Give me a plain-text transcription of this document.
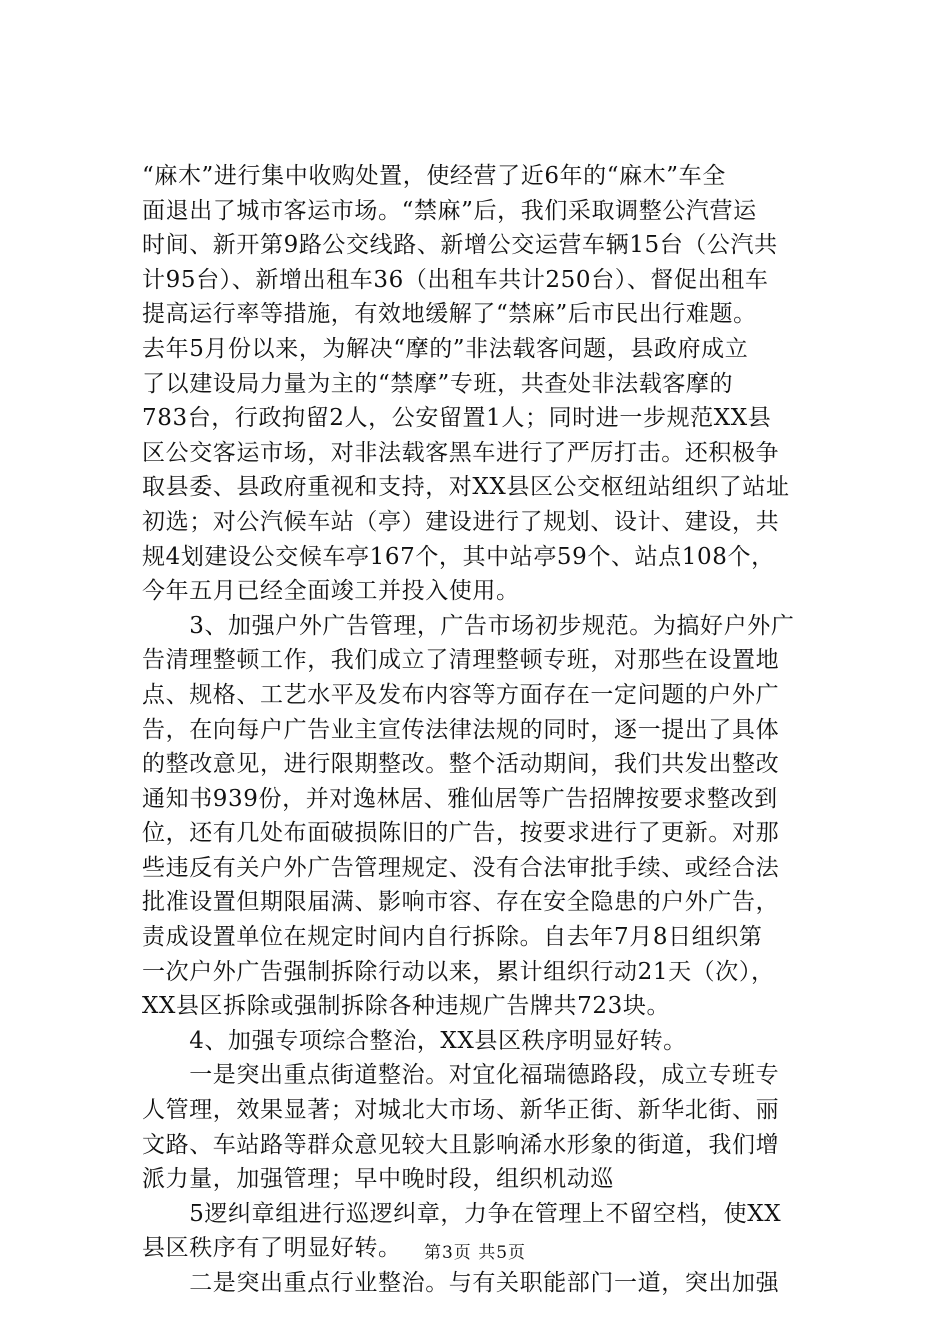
“麻木”进行集中收购处置，使经营了近6年的“麻木”车全
面退出了城市客运市场。“禁麻”后，我们采取调整公汽营运
时间、新开第9路公交线路、新增公交运营车辆15台（公汽共
计95台）、新增出租车36（出租车共计250台）、督促出租车
提高运行率等措施，有效地缓解了“禁麻”后市民出行难题。
去年5月份以来，为解决“摩的”非法载客问题，县政府成立
了以建设局力量为主的“禁摩”专班，共查处非法载客摩的
783台，行政拘留2人，公安留置1人；同时进一步规范XX县
区公交客运市场，对非法载客黑车进行了严厉打击。还积极争
取县委、县政府重视和支持，对XX县区公交枢纽站组织了站址
初选；对公汽候车站（亭）建设进行了规划、设计、建设，共
规4划建设公交候车亭167个，其中站亭59个、站点108个，
今年五月已经全面竣工并投入使用。
　　3、加强户外广告管理，广告市场初步规范。为搞好户外广
告清理整顿工作，我们成立了清理整顿专班，对那些在设置地
点、规格、工艺水平及发布内容等方面存在一定问题的户外广
告，在向每户广告业主宣传法律法规的同时，逐一提出了具体
的整改意见，进行限期整改。整个活动期间，我们共发出整改
通知书939份，并对逸林居、雅仙居等广告招牌按要求整改到
位，还有几处布面破损陈旧的广告，按要求进行了更新。对那
些违反有关户外广告管理规定、没有合法审批手续、或经合法
批准设置但期限届满、影响市容、存在安全隐患的户外广告，
责成设置单位在规定时间内自行拆除。自去年7月8日组织第
一次户外广告强制拆除行动以来，累计组织行动21天（次），
XX县区拆除或强制拆除各种违规广告牌共723块。
　　4、加强专项综合整治，XX县区秩序明显好转。
　　一是突出重点街道整治。对宜化福瑞德路段，成立专班专
人管理，效果显著；对城北大市场、新华正街、新华北街、丽
文路、车站路等群众意见较大且影响浠水形象的街道，我们增
派力量，加强管理；早中晚时段，组织机动巡
　　5逻纠章组进行巡逻纠章，力争在管理上不留空档，使XX
县区秩序有了明显好转。
　　二是突出重点行业整治。与有关职能部门一道，突出加强
第3页 共5页
